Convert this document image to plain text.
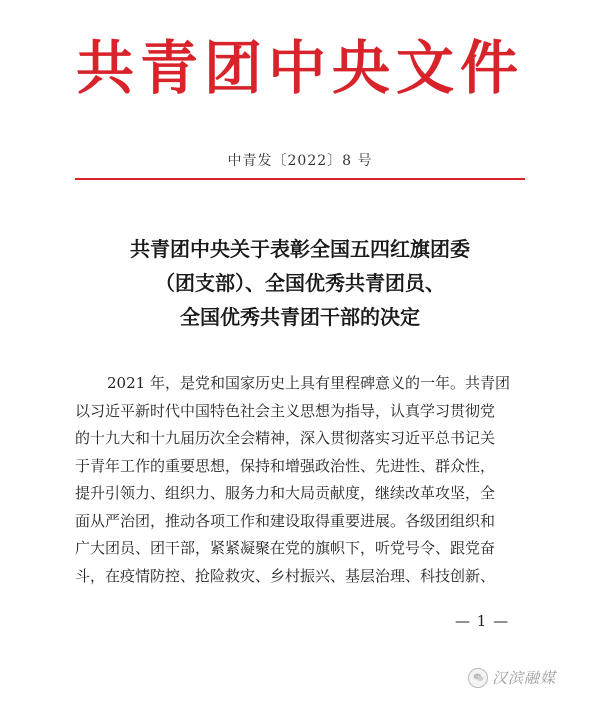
共青团中央文件
中青发〔2022〕8 号
共青团中央关于表彰全国五四红旗团委
（团支部）、全国优秀共青团员、
全国优秀共青团干部的决定
2021 年，是党和国家历史上具有里程碑意义的一年。共青团
以习近平新时代中国特色社会主义思想为指导，认真学习贯彻党
的十九大和十九届历次全会精神，深入贯彻落实习近平总书记关
于青年工作的重要思想，保持和增强政治性、先进性、群众性，
提升引领力、组织力、服务力和大局贡献度，继续改革攻坚，全
面从严治团，推动各项工作和建设取得重要进展。各级团组织和
广大团员、团干部，紧紧凝聚在党的旗帜下，听党号令、跟党奋
斗，在疫情防控、抢险救灾、乡村振兴、基层治理、科技创新、
— 1 —
汉滨融媒
